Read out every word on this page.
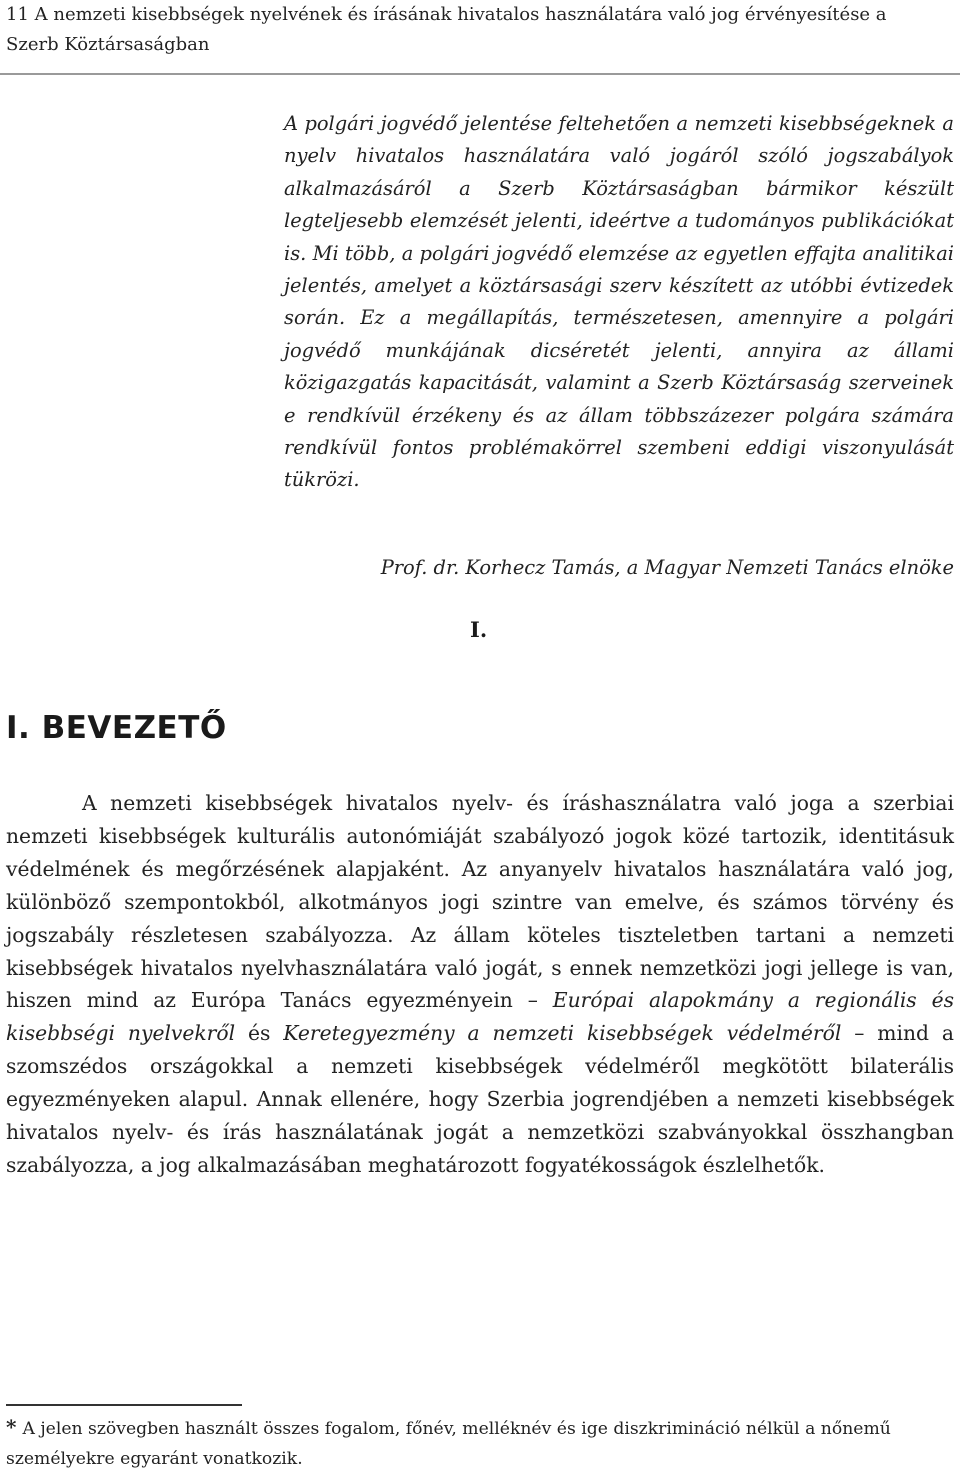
11 A nemzeti kisebbségek nyelvének és írásának hivatalos használatára való jog érvényesítése a Szerb Köztársaságban

A polgári jogvédő jelentése feltehetően a nemzeti kisebbségeknek a nyelv hivatalos használatára való jogáról szóló jogszabályok alkalmazásáról a Szerb Köztársaságban bármikor készült legteljesebb elemzését jelenti, ideértve a tudományos publikációkat is. Mi több, a polgári jogvédő elemzése az egyetlen effajta analitikai jelentés, amelyet a köztársasági szerv készített az utóbbi évtizedek során. Ez a megállapítás, természetesen, amennyire a polgári jogvédő munkájának dicséretét jelenti, annyira az állami közigazgatás kapacitását, valamint a Szerb Köztársaság szerveinek e rendkívül érzékeny és az állam többszázezer polgára számára rendkívül fontos problémakörrel szembeni eddigi viszonyulását tükrözi.

Prof. dr. Korhecz Tamás, a Magyar Nemzeti Tanács elnöke
I.
I. BEVEZETŐ

A nemzeti kisebbségek hivatalos nyelv- és íráshasználatra való joga a szerbiai nemzeti kisebbségek kulturális autonómiáját szabályozó jogok közé tartozik, identitásuk védelmének és megőrzésének alapjaként. Az anyanyelv hivatalos használatára való jog, különböző szempontokból, alkotmányos jogi szintre van emelve, és számos törvény és jogszabály részletesen szabályozza. Az állam köteles tiszteletben tartani a nemzeti kisebbségek hivatalos nyelvhasználatára való jogát, s ennek nemzetközi jogi jellege is van, hiszen mind az Európa Tanács egyezményein – Európai alapokmány a regionális és kisebbségi nyelvekről és Keretegyezmény a nemzeti kisebbségek védelméről – mind a szomszédos országokkal a nemzeti kisebbségek védelméről megkötött bilaterális egyezményeken alapul. Annak ellenére, hogy Szerbia jogrendjében a nemzeti kisebbségek hivatalos nyelv- és írás használatának jogát a nemzetközi szabványokkal összhangban szabályozza, a jog alkalmazásában meghatározott fogyatékosságok észlelhetők.

* A jelen szövegben használt összes fogalom, főnév, melléknév és ige diszkrimináció nélkül a nőnemű személyekre egyaránt vonatkozik.
